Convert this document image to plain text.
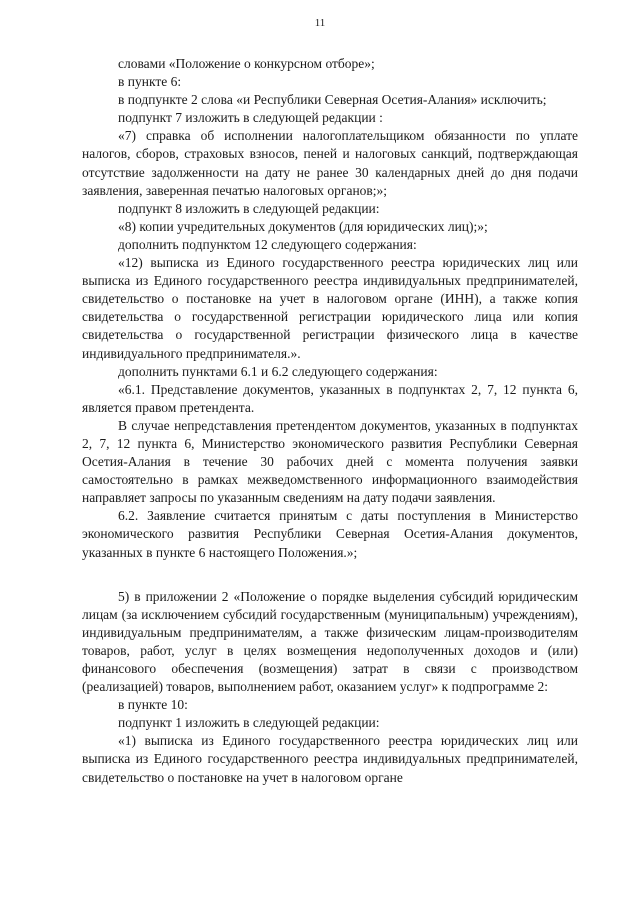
11

словами «Положение о конкурсном отборе»;

в пункте 6:

в подпункте 2 слова «и Республики Северная Осетия-Алания» исключить;

подпункт 7 изложить в следующей редакции :

«7) справка об исполнении налогоплательщиком обязанности по уплате налогов, сборов, страховых взносов, пеней и налоговых санкций, подтверждающая отсутствие задолженности на дату не ранее 30 календарных дней до дня подачи заявления, заверенная печатью налоговых органов;»;

подпункт 8 изложить в следующей редакции:

«8) копии учредительных документов (для юридических лиц);»;

дополнить подпунктом 12 следующего содержания:

«12) выписка из Единого государственного реестра юридических лиц или выписка из Единого государственного реестра индивидуальных предпринимателей, свидетельство о постановке на учет в налоговом органе (ИНН), а также копия свидетельства о государственной регистрации юридического лица или копия свидетельства о государственной регистрации физического лица в качестве индивидуального предпринимателя.».

дополнить пунктами 6.1 и 6.2 следующего содержания:

«6.1. Представление документов, указанных в подпунктах 2, 7, 12 пункта 6, является правом претендента.

В случае непредставления претендентом документов, указанных в подпунктах 2, 7, 12 пункта 6, Министерство экономического развития Республики Северная Осетия-Алания в течение 30 рабочих дней с момента получения заявки самостоятельно в рамках межведомственного информационного взаимодействия направляет запросы по указанным сведениям на дату подачи заявления.

6.2. Заявление считается принятым с даты поступления в Министерство экономического развития Республики Северная Осетия-Алания документов, указанных в пункте 6 настоящего Положения.»;

5) в приложении 2 «Положение о порядке выделения субсидий юридическим лицам (за исключением субсидий государственным (муниципальным) учреждениям), индивидуальным предпринимателям, а также физическим лицам-производителям товаров, работ, услуг в целях возмещения недополученных доходов и (или) финансового обеспечения (возмещения) затрат в связи с производством (реализацией) товаров, выполнением работ, оказанием услуг» к подпрограмме 2:

в пункте 10:

подпункт 1 изложить в следующей редакции:

«1) выписка из Единого государственного реестра юридических лиц или выписка из Единого государственного реестра индивидуальных предпринимателей, свидетельство о постановке на учет в налоговом органе
